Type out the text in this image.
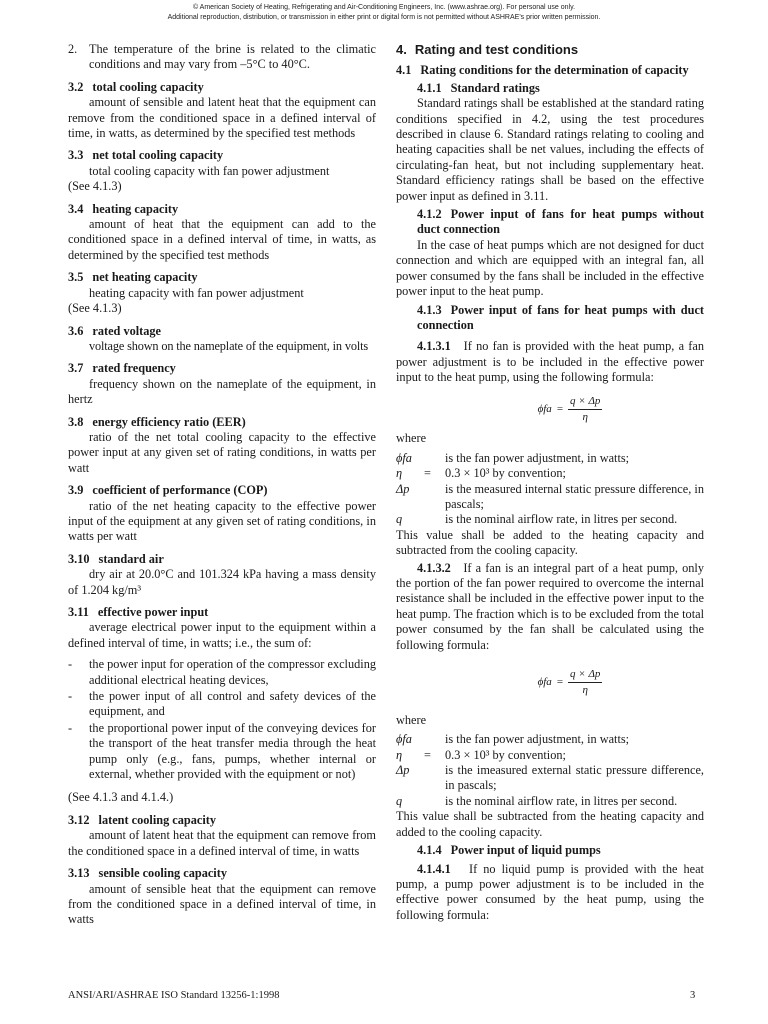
© American Society of Heating, Refrigerating and Air-Conditioning Engineers, Inc. (www.ashrae.org). For personal use only.
Additional reproduction, distribution, or transmission in either print or digital form is not permitted without ASHRAE's prior written permission.
2. The temperature of the brine is related to the climatic conditions and may vary from –5°C to 40°C.

3.2 total cooling capacity

amount of sensible and latent heat that the equipment can remove from the conditioned space in a defined interval of time, in watts, as determined by the specified test methods

3.3 net total cooling capacity

total cooling capacity with fan power adjustment

(See 4.1.3)

3.4 heating capacity

amount of heat that the equipment can add to the conditioned space in a defined interval of time, in watts, as determined by the specified test methods

3.5 net heating capacity

heating capacity with fan power adjustment

(See 4.1.3)

3.6 rated voltage

voltage shown on the nameplate of the equipment, in volts

3.7 rated frequency

frequency shown on the nameplate of the equipment, in hertz

3.8 energy efficiency ratio (EER)

ratio of the net total cooling capacity to the effective power input at any given set of rating conditions, in watts per watt

3.9 coefficient of performance (COP)

ratio of the net heating capacity to the effective power input of the equipment at any given set of rating conditions, in watts per watt

3.10 standard air

dry air at 20.0°C and 101.324 kPa having a mass density of 1.204 kg/m³

3.11 effective power input

average electrical power input to the equipment within a defined interval of time, in watts; i.e., the sum of:

-	the power input for operation of the compressor excluding additional electrical heating devices,
-	the power input of all control and safety devices of the equipment, and
-	the proportional power input of the conveying devices for the transport of the heat transfer media through the heat pump only (e.g., fans, pumps, whether internal or external, whether provided with the equipment or not)

(See 4.1.3 and 4.1.4.)

3.12 latent cooling capacity

amount of latent heat that the equipment can remove from the conditioned space in a defined interval of time, in watts

3.13 sensible cooling capacity

amount of sensible heat that the equipment can remove from the conditioned space in a defined interval of time, in watts

4. Rating and test conditions

4.1 Rating conditions for the determination of capacity

4.1.1 Standard ratings

Standard ratings shall be established at the standard rating conditions specified in 4.2, using the test procedures described in clause 6. Standard ratings relating to cooling and heating capacities shall be net values, including the effects of circulating-fan heat, but not including supplementary heat. Standard efficiency ratings shall be based on the effective power input as defined in 3.11.

4.1.2 Power input of fans for heat pumps without duct connection

In the case of heat pumps which are not designed for duct connection and which are equipped with an integral fan, all power consumed by the fans shall be included in the effective power input to the heat pump.

4.1.3 Power input of fans for heat pumps with duct connection

4.1.3.1 If no fan is provided with the heat pump, a fan power adjustment is to be included in the effective power input to the heat pump, using the following formula:

$\phi fa = \frac{q \times \Delta p}{\eta}$

where

ϕfa	is the fan power adjustment, in watts;
η	=	0.3 × 10³ by convention;
Δp	is the measured internal static pressure difference, in pascals;
q	is the nominal airflow rate, in litres per second.

This value shall be added to the heating capacity and subtracted from the cooling capacity.

4.1.3.2 If a fan is an integral part of a heat pump, only the portion of the fan power required to overcome the internal resistance shall be included in the effective power input to the heat pump. The fraction which is to be excluded from the total power consumed by the fan shall be calculated using the following formula:

$\phi fa = \frac{q \times \Delta p}{\eta}$

where

ϕfa	is the fan power adjustment, in watts;
η	=	0.3 × 10³ by convention;
Δp	is the imeasured external static pressure difference, in pascals;
q	is the nominal airflow rate, in litres per second.

This value shall be subtracted from the heating capacity and added to the cooling capacity.

4.1.4 Power input of liquid pumps

4.1.4.1 If no liquid pump is provided with the heat pump, a pump power adjustment is to be included in the effective power consumed by the heat pump, using the following formula:

ANSI/ARI/ASHRAE ISO Standard 13256-1:1998	3
